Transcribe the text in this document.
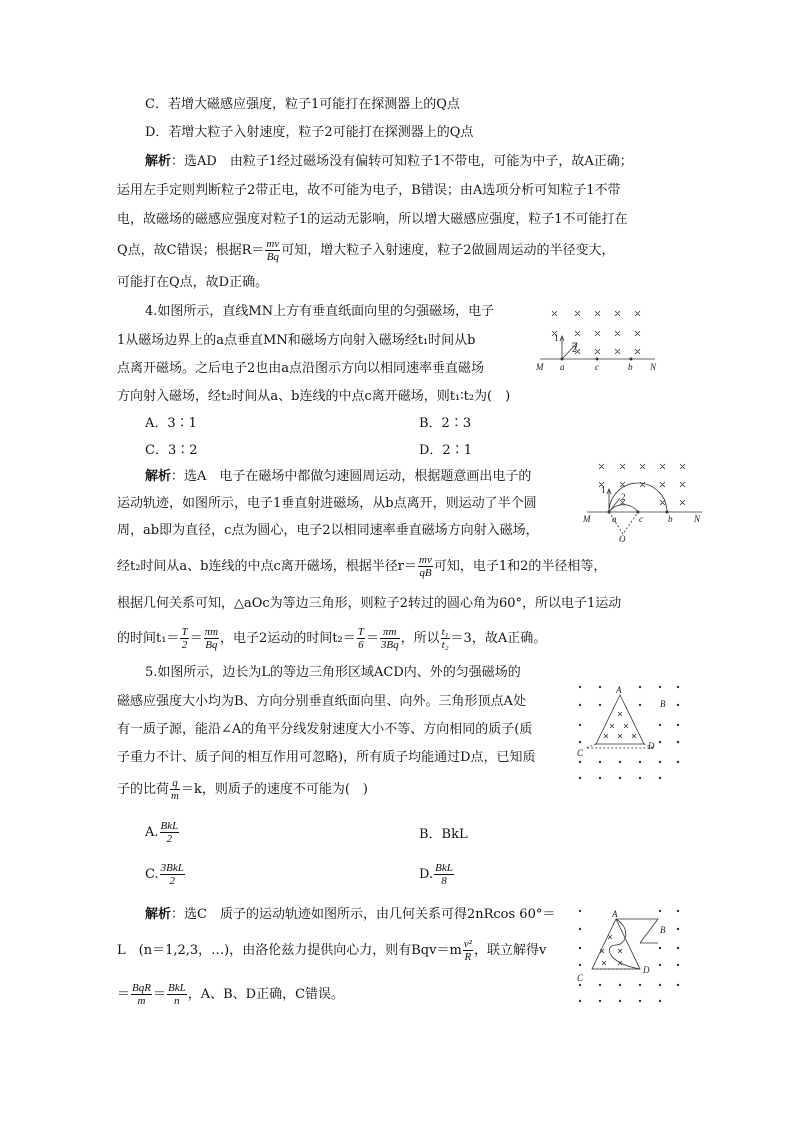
C．若增大磁感应强度，粒子1可能打在探测器上的Q点
D．若增大粒子入射速度，粒子2可能打在探测器上的Q点
解析：选AD　由粒子1经过磁场没有偏转可知粒子1不带电，可能为中子，故A正确；
运用左手定则判断粒子2带正电，故不可能为电子，B错误；由A选项分析可知粒子1不带
电，故磁场的磁感应强度对粒子1的运动无影响，所以增大磁感应强度，粒子1不可能打在
Q点，故C错误；根据$R= \frac{mv}{Bq}$ 可知，增大粒子入射速度，粒子2做圆周运动的半径变大，
可能打在Q点，故D正确。
4.如图所示，直线MN上方有垂直纸面向里的匀强磁场，电子
1从磁场边界上的a点垂直MN和磁场方向射入磁场经t₁时间从b
点离开磁场。之后电子2也由a点沿图示方向以相同速率垂直磁场
方向射入磁场，经t₂时间从a、b连线的中点c离开磁场，则t₁∶t₂为(　)
A．3∶1	B．2∶3
C．3∶2	D．2∶1
M a	c	b N
1
2
解析：选A　电子在磁场中都做匀速圆周运动，根据题意画出电子的
运动轨迹，如图所示，电子1垂直射进磁场，从b点离开，则运动了半个圆
周，ab即为直径，c点为圆心，电子2以相同速率垂直磁场方向射入磁场，
经t₂时间从a、b连线的中点c离开磁场，根据半径$r= \frac{mv}{qB}$ 可知，电子1和2的半径相等，
根据几何关系可知，△aOc为等边三角形，则粒子2转过的圆心角为60°，所以电子1运动
的时间$t_1= \frac{T}{2} = \frac{\pi m}{Bq}$ ，电子2运动的时间$t_2= \frac{T}{6} = \frac{\pi m}{3Bq}$ ，所以 $\frac{\text{t₁}}{\text{t₂}} =3$，故A正确。
M a	c	b N
O
1
2
5.如图所示，边长为L的等边三角形区域ACD内、外的匀强磁场的
磁感应强度大小均为B、方向分别垂直纸面向里、向外。三角形顶点A处
有一质子源，能沿∠A的角平分线发射速度大小不等、方向相同的质子(质
子重力不计、质子间的相互作用可忽略)，所有质子均能通过D点，已知质
子的比荷 $\frac{q}{m} =k$，则质子的速度不可能为(　)
A. $\frac{\text{BkL}}{2}$	B．BkL
C. $\frac{\text{3BkL}}{2}$	D. $\frac{\text{BkL}}{8}$
A
B
C
D
解析：选C　质子的运动轨迹如图所示，由几何关系可得2nRcos 60°＝
L　(n＝1,2,3，…)，由洛伦兹力提供向心力，则有$Bqv=m \frac{\text{v²}}{R}$ ，联立解得v
＝ $\frac{\text{BqR}}{m} = \frac{\text{BkL}}{n}$ ，A、B、D正确，C错误。
A
B
C
D
